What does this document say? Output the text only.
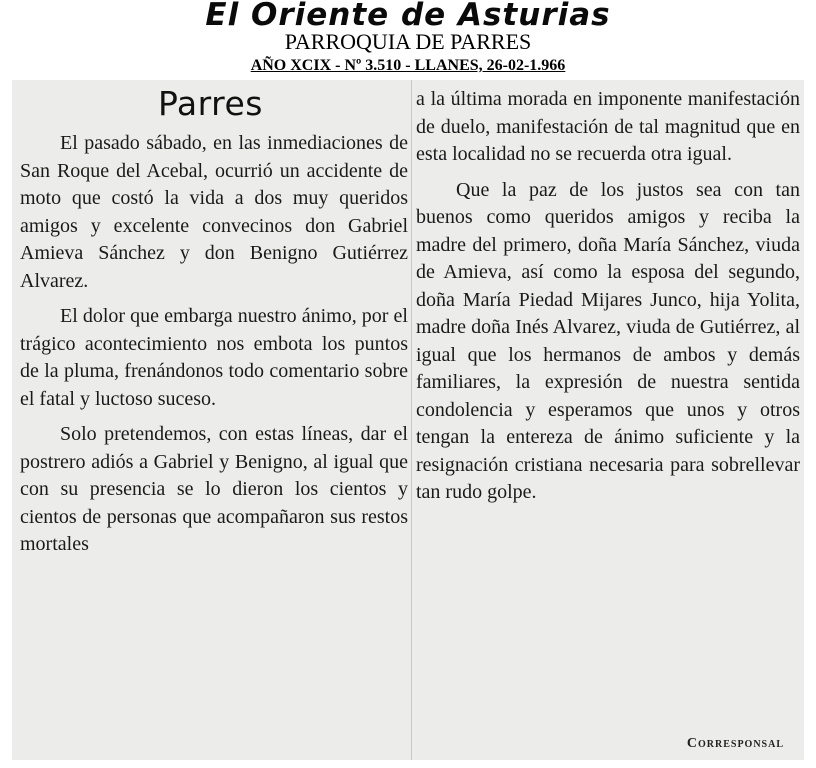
El Oriente de Asturias
PARROQUIA DE PARRES
AÑO XCIX - Nº 3.510 - LLANES, 26-02-1.966
Parres

El pasado sábado, en las inmediaciones de San Roque del Acebal, ocurrió un accidente de moto que costó la vida a dos muy queridos amigos y excelente convecinos don Gabriel Amieva Sánchez y don Benigno Gutiérrez Alvarez.

El dolor que embarga nuestro ánimo, por el trágico acontecimiento nos embota los puntos de la pluma, frenándonos todo comentario sobre el fatal y luctoso suceso.

Solo pretendemos, con estas líneas, dar el postrero adiós a Gabriel y Benigno, al igual que con su presencia se lo dieron los cientos y cientos de personas que acompañaron sus restos mortales

a la última morada en imponente manifestación de duelo, manifestación de tal magnitud que en esta localidad no se recuerda otra igual.

Que la paz de los justos sea con tan buenos como queridos amigos y reciba la madre del primero, doña María Sánchez, viuda de Amieva, así como la esposa del segundo, doña María Piedad Mijares Junco, hija Yolita, madre doña Inés Alvarez, viuda de Gutiérrez, al igual que los hermanos de ambos y demás familiares, la expresión de nuestra sentida condolencia y esperamos que unos y otros tengan la entereza de ánimo suficiente y la resignación cristiana necesaria para sobrellevar tan rudo golpe.

Corresponsal
